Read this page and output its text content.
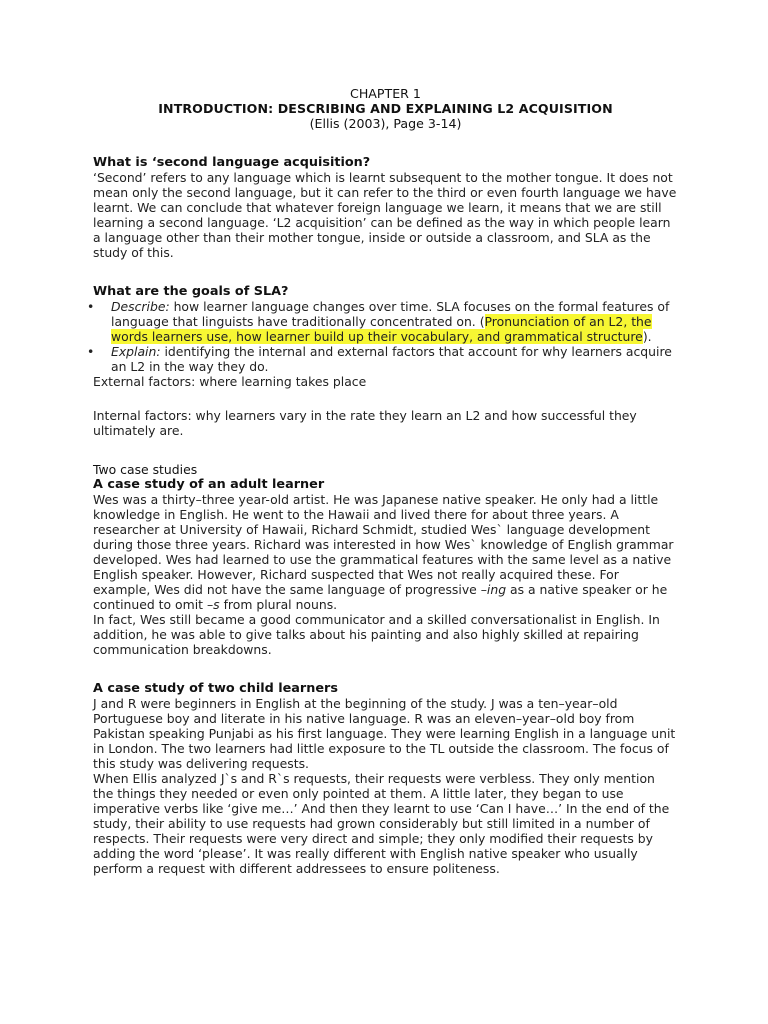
CHAPTER 1
INTRODUCTION: DESCRIBING AND EXPLAINING L2 ACQUISITION
(Ellis (2003), Page 3-14)

What is ‘second language acquisition?

‘Second’ refers to any language which is learnt subsequent to the mother tongue. It does not mean only the second language, but it can refer to the third or even fourth language we have learnt. We can conclude that whatever foreign language we learn, it means that we are still learning a second language. ‘L2 acquisition’ can be defined as the way in which people learn a language other than their mother tongue, inside or outside a classroom, and SLA as the study of this.

What are the goals of SLA?

• Describe: how learner language changes over time. SLA focuses on the formal features of language that linguists have traditionally concentrated on. (Pronunciation of an L2, the words learners use, how learner build up their vocabulary, and grammatical structure).
• Explain: identifying the internal and external factors that account for why learners acquire an L2 in the way they do.

External factors: where learning takes place

Internal factors: why learners vary in the rate they learn an L2 and how successful they ultimately are.

Two case studies

A case study of an adult learner

Wes was a thirty–three year-old artist. He was Japanese native speaker. He only had a little knowledge in English. He went to the Hawaii and lived there for about three years. A researcher at University of Hawaii, Richard Schmidt, studied Wes` language development during those three years. Richard was interested in how Wes` knowledge of English grammar developed. Wes had learned to use the grammatical features with the same level as a native English speaker. However, Richard suspected that Wes not really acquired these. For example, Wes did not have the same language of progressive –ing as a native speaker or he continued to omit –s from plural nouns.

In fact, Wes still became a good communicator and a skilled conversationalist in English. In addition, he was able to give talks about his painting and also highly skilled at repairing communication breakdowns.

A case study of two child learners

J and R were beginners in English at the beginning of the study. J was a ten–year–old Portuguese boy and literate in his native language. R was an eleven–year–old boy from Pakistan speaking Punjabi as his first language. They were learning English in a language unit in London. The two learners had little exposure to the TL outside the classroom. The focus of this study was delivering requests.

When Ellis analyzed J`s and R`s requests, their requests were verbless. They only mention the things they needed or even only pointed at them. A little later, they began to use imperative verbs like ‘give me…’ And then they learnt to use ‘Can I have…’ In the end of the study, their ability to use requests had grown considerably but still limited in a number of respects. Their requests were very direct and simple; they only modified their requests by adding the word ‘please’. It was really different with English native speaker who usually perform a request with different addressees to ensure politeness.
